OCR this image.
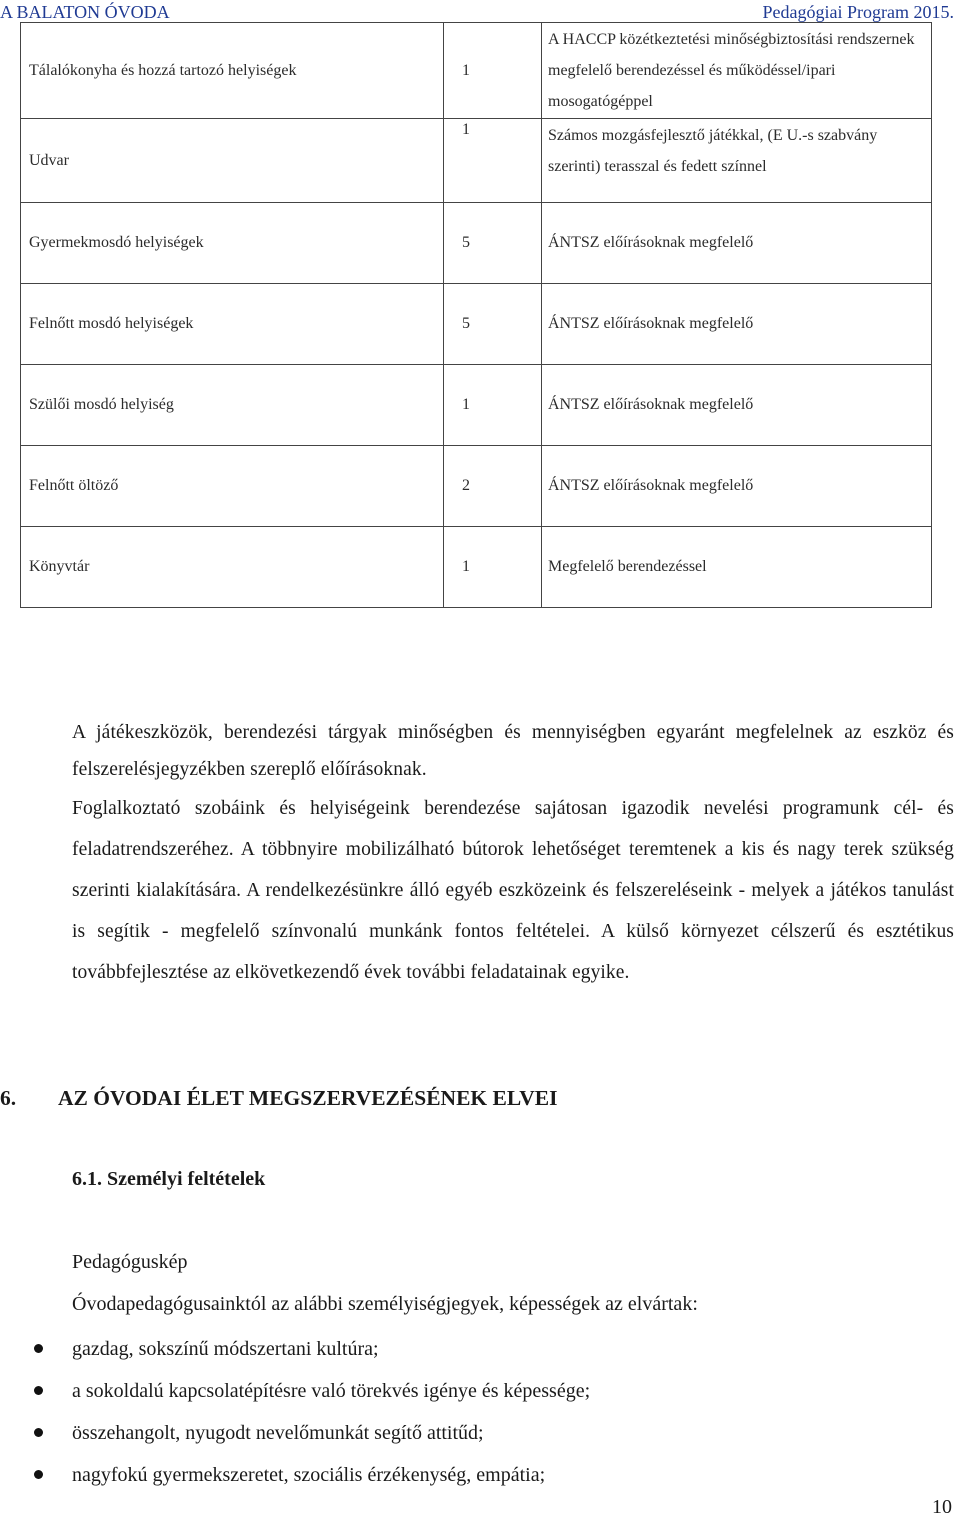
A BALATON ÓVODA	Pedagógiai Program 2015.
Tálalókonyha és hozzá tartozó helyiségek	1	A HACCP közétkeztetési minőségbiztosítási rendszernek
megfelelő berendezéssel és működéssel/ipari
mosogatógéppel

Udvar	1	Számos mozgásfejlesztő játékkal, (E U.-s szabvány
szerinti) terasszal és fedett színnel

Gyermekmosdó helyiségek	5	ÁNTSZ előírásoknak megfelelő
Felnőtt mosdó helyiségek	5	ÁNTSZ előírásoknak megfelelő
Szülői mosdó helyiség	1	ÁNTSZ előírásoknak megfelelő
Felnőtt öltöző	2	ÁNTSZ előírásoknak megfelelő
Könyvtár	1	Megfelelő berendezéssel

A játékeszközök, berendezési tárgyak minőségben és mennyiségben egyaránt megfelelnek az eszköz és felszerelésjegyzékben szereplő előírásoknak.

Foglalkoztató szobáink és helyiségeink berendezése sajátosan igazodik nevelési programunk cél- és feladatrendszeréhez. A többnyire mobilizálható bútorok lehetőséget teremtenek a kis és nagy terek szükség szerinti kialakítására. A rendelkezésünkre álló egyéb eszközeink és felszereléseink - melyek a játékos tanulást is segítik - megfelelő színvonalú munkánk fontos feltételei. A külső környezet célszerű és esztétikus továbbfejlesztése az elkövetkezendő évek további feladatainak egyike.

6. AZ ÓVODAI ÉLET MEGSZERVEZÉSÉNEK ELVEI
6.1. Személyi feltételek
Pedagóguskép
Óvodapedagógusainktól az alábbi személyiségjegyek, képességek az elvártak:
gazdag, sokszínű módszertani kultúra;
a sokoldalú kapcsolatépítésre való törekvés igénye és képessége;
összehangolt, nyugodt nevelőmunkát segítő attitűd;
nagyfokú gyermekszeretet, szociális érzékenység, empátia;
10
